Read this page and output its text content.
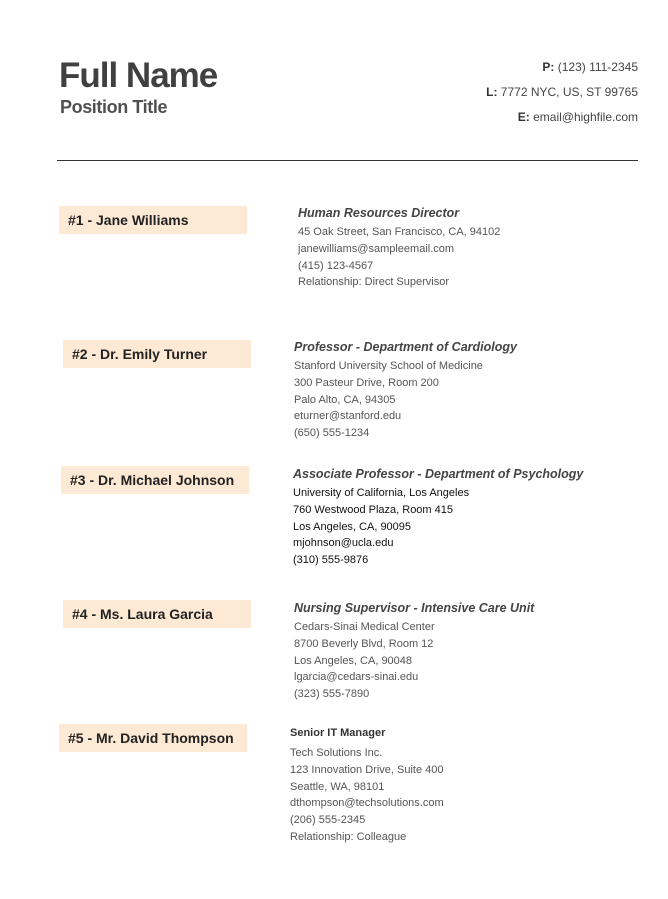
Full Name
Position Title
P: (123) 111-2345
L: 7772 NYC, US, ST 99765
E: email@highfile.com
#1 - Jane Williams	Human Resources Director
45 Oak Street, San Francisco, CA, 94102
janewilliams@sampleemail.com
(415) 123-4567
Relationship: Direct Supervisor
#2 - Dr. Emily Turner	Professor - Department of Cardiology
Stanford University School of Medicine
300 Pasteur Drive, Room 200
Palo Alto, CA, 94305
eturner@stanford.edu
(650) 555-1234
#3 - Dr. Michael Johnson	Associate Professor - Department of Psychology
University of California, Los Angeles
760 Westwood Plaza, Room 415
Los Angeles, CA, 90095
mjohnson@ucla.edu
(310) 555-9876
#4 - Ms. Laura Garcia	Nursing Supervisor - Intensive Care Unit
Cedars-Sinai Medical Center
8700 Beverly Blvd, Room 12
Los Angeles, CA, 90048
lgarcia@cedars-sinai.edu
(323) 555-7890
#5 - Mr. David Thompson	Senior IT Manager
Tech Solutions Inc.
123 Innovation Drive, Suite 400
Seattle, WA, 98101
dthompson@techsolutions.com
(206) 555-2345
Relationship: Colleague
